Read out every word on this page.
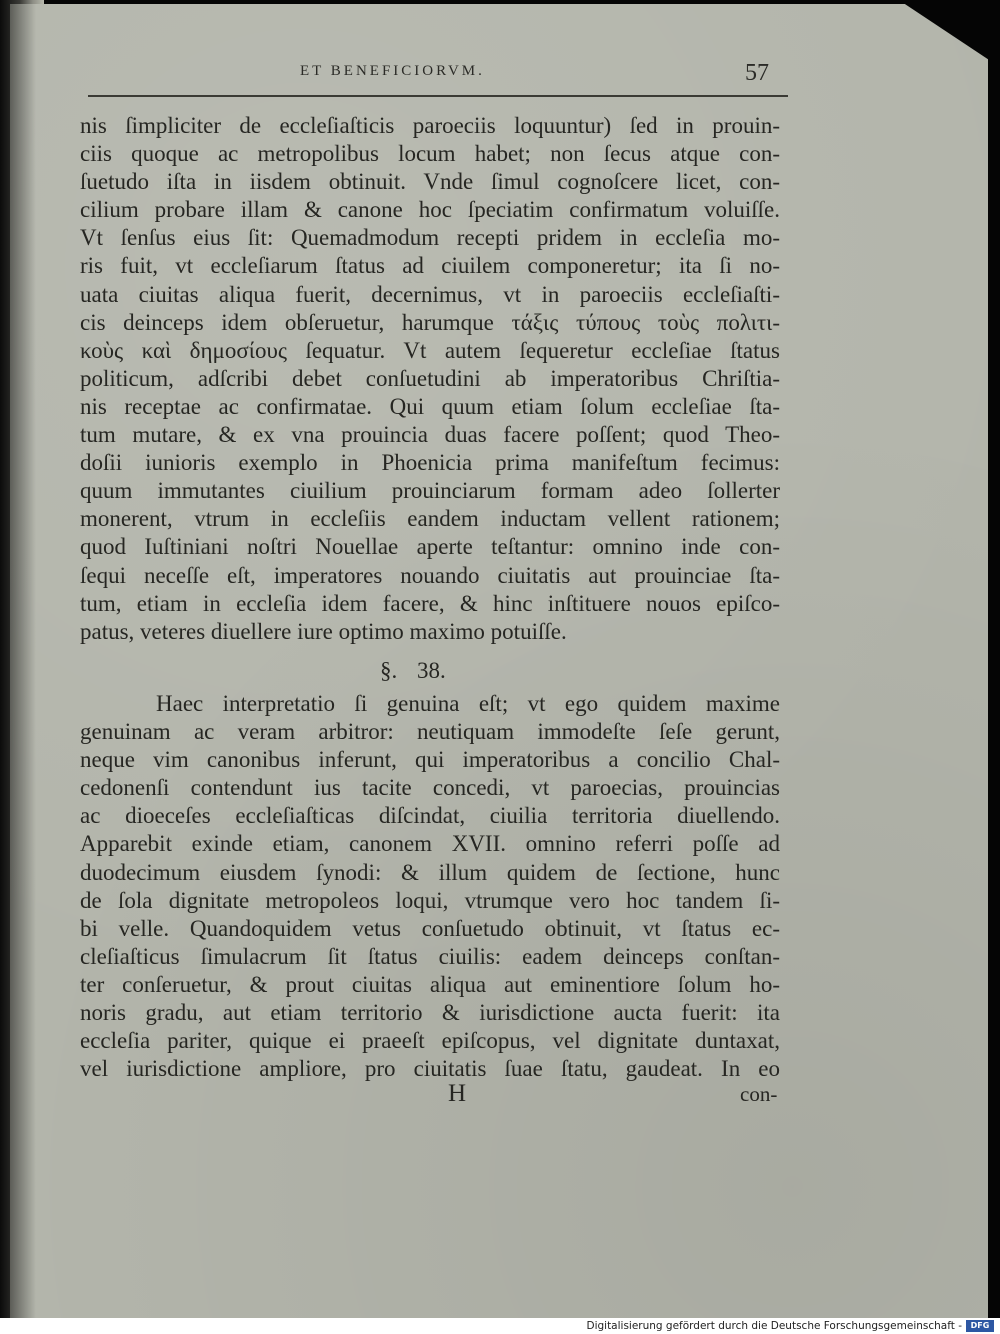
ET BENEFICIORVM.	57
nis ſimpliciter de eccleſiaſticis paroeciis loquuntur) ſed in prouin-
ciis quoque ac metropolibus locum habet; non ſecus atque con-
ſuetudo iſta in iisdem obtinuit. Vnde ſimul cognoſcere licet, con-
cilium probare illam & canone hoc ſpeciatim confirmatum voluiſſe.
Vt ſenſus eius ſit: Quemadmodum recepti pridem in eccleſia mo-
ris fuit, vt eccleſiarum ſtatus ad ciuilem componeretur; ita ſi no-
uata ciuitas aliqua fuerit, decernimus, vt in paroeciis eccleſiaſti-
cis deinceps idem obſeruetur, harumque τάξις τύπους τοὺς πολιτι-
κοὺς καὶ δημοσίους ſequatur. Vt autem ſequeretur eccleſiae ſtatus
politicum, adſcribi debet conſuetudini ab imperatoribus Chriſtia-
nis receptae ac confirmatae. Qui quum etiam ſolum eccleſiae ſta-
tum mutare, & ex vna prouincia duas facere poſſent; quod Theo-
doſii iunioris exemplo in Phoenicia prima manifeſtum fecimus:
quum immutantes ciuilium prouinciarum formam adeo ſollerter
monerent, vtrum in eccleſiis eandem inductam vellent rationem;
quod Iuſtiniani noſtri Nouellae aperte teſtantur: omnino inde con-
ſequi neceſſe eſt, imperatores nouando ciuitatis aut prouinciae ſta-
tum, etiam in eccleſia idem facere, & hinc inſtituere nouos epiſco-
patus, veteres diuellere iure optimo maximo potuiſſe.
§. 38.
Haec interpretatio ſi genuina eſt; vt ego quidem maxime
genuinam ac veram arbitror: neutiquam immodeſte ſeſe gerunt,
neque vim canonibus inferunt, qui imperatoribus a concilio Chal-
cedonenſi contendunt ius tacite concedi, vt paroecias, prouincias
ac dioeceſes eccleſiaſticas diſcindat, ciuilia territoria diuellendo.
Apparebit exinde etiam, canonem XVII. omnino referri poſſe ad
duodecimum eiusdem ſynodi: & illum quidem de ſectione, hunc
de ſola dignitate metropoleos loqui, vtrumque vero hoc tandem ſi-
bi velle. Quandoquidem vetus conſuetudo obtinuit, vt ſtatus ec-
cleſiaſticus ſimulacrum ſit ſtatus ciuilis: eadem deinceps conſtan-
ter conſeruetur, & prout ciuitas aliqua aut eminentiore ſolum ho-
noris gradu, aut etiam territorio & iurisdictione aucta fuerit: ita
eccleſia pariter, quique ei praeeſt epiſcopus, vel dignitate duntaxat,
vel iurisdictione ampliore, pro ciuitatis ſuae ſtatu, gaudeat. In eo
H	con-
Digitalisierung gefördert durch die Deutsche Forschungsgemeinschaft -	DFG
